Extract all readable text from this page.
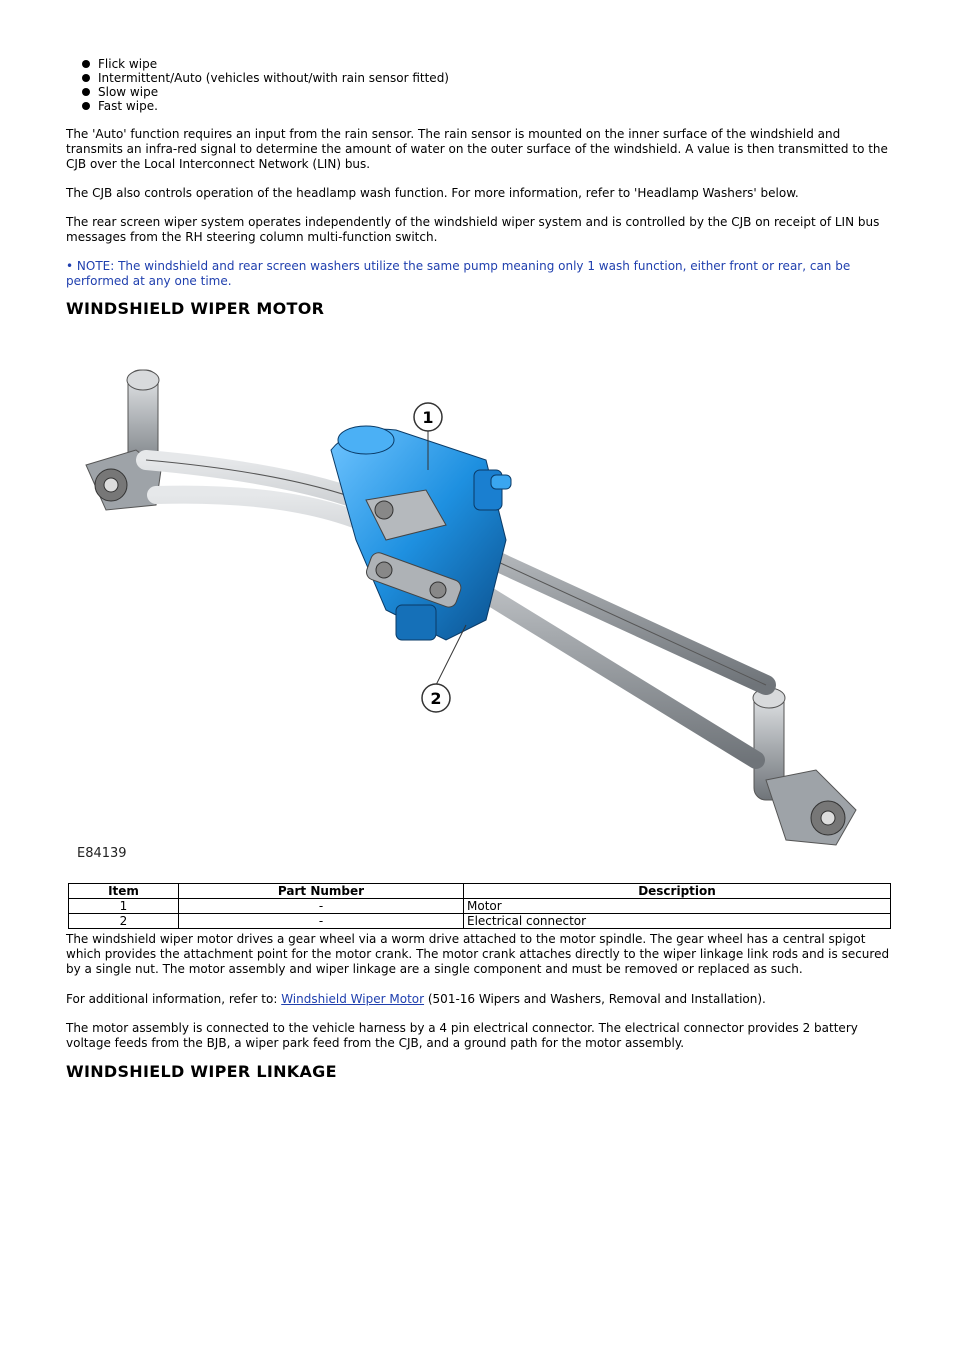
Flick wipe
Intermittent/Auto (vehicles without/with rain sensor fitted)
Slow wipe
Fast wipe.

The 'Auto' function requires an input from the rain sensor. The rain sensor is mounted on the inner surface of the windshield and transmits an infra-red signal to determine the amount of water on the outer surface of the windshield. A value is then transmitted to the CJB over the Local Interconnect Network (LIN) bus.

The CJB also controls operation of the headlamp wash function. For more information, refer to 'Headlamp Washers' below.

The rear screen wiper system operates independently of the windshield wiper system and is controlled by the CJB on receipt of LIN bus messages from the RH steering column multi-function switch.

• NOTE: The windshield and rear screen washers utilize the same pump meaning only 1 wash function, either front or rear, can be performed at any one time.

WINDSHIELD WIPER MOTOR
1
2
E84139
Item	Part Number	Description
1	-	Motor
2	-	Electrical connector

The windshield wiper motor drives a gear wheel via a worm drive attached to the motor spindle. The gear wheel has a central spigot which provides the attachment point for the motor crank. The motor crank attaches directly to the wiper linkage link rods and is secured by a single nut. The motor assembly and wiper linkage are a single component and must be removed or replaced as such.

For additional information, refer to: Windshield Wiper Motor (501-16 Wipers and Washers, Removal and Installation).

The motor assembly is connected to the vehicle harness by a 4 pin electrical connector. The electrical connector provides 2 battery voltage feeds from the BJB, a wiper park feed from the CJB, and a ground path for the motor assembly.

WINDSHIELD WIPER LINKAGE
